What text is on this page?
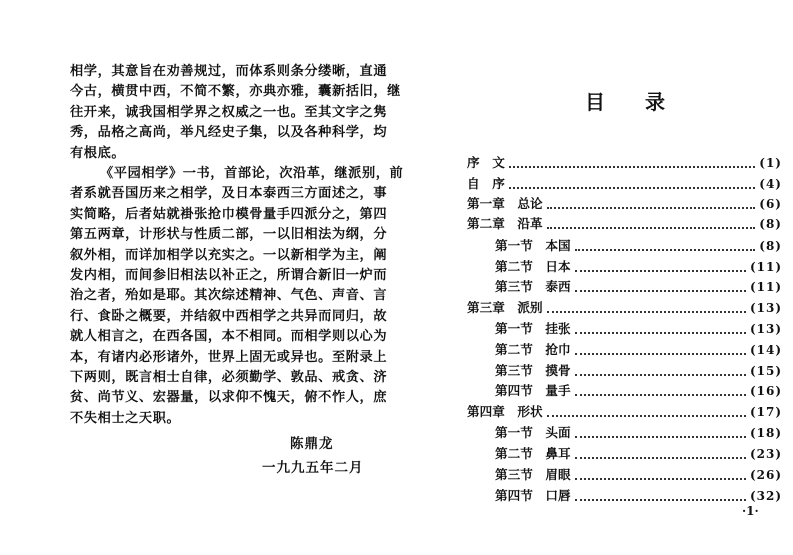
相学，其意旨在劝善规过，而体系则条分缕晰，直通
今古，横贯中西，不简不繁，亦典亦雅，囊新括旧，继
往开来，诚我国相学界之权威之一也。至其文字之隽
秀，品格之高尚，举凡经史子集，以及各种科学，均
有根底。
《平园相学》一书，首部论，次沿革，继派别，前
者系就吾国历来之相学，及日本泰西三方面述之，事
实简略，后者姑就褂张抢巾模骨量手四派分之，第四
第五两章，计形状与性质二部，一以旧相法为纲，分
叙外相，而详加相学以充实之。一以新相学为主，阐
发内相，而间参旧相法以补正之，所谓合新旧一炉而
治之者，殆如是耶。其次综述精神、气色、声音、言
行、食卧之概要，并结叙中西相学之共异而同归，故
就人相言之，在西各国，本不相同。而相学则以心为
本，有诸内必形诸外，世界上固无或异也。至附录上
下两则，既言相士自律，必须勤学、敦品、戒贪、济
贫、尚节义、宏器量，以求仰不愧天，俯不怍人，庶
不失相士之天职。
陈鼎龙
一九九五年二月
目录
序　文	(1)
自　序	(4)
第一章　总论	(6)
第二章　沿革	(8)
第一节　本国	(8)
第二节　日本	(11)
第三节　泰西	(11)
第三章　派别	(13)
第一节　挂张	(13)
第二节　抢巾	(14)
第三节　摸骨	(15)
第四节　量手	(16)
第四章　形状	(17)
第一节　头面	(18)
第二节　鼻耳	(23)
第三节　眉眼	(26)
第四节　口唇	(32)
·1·
